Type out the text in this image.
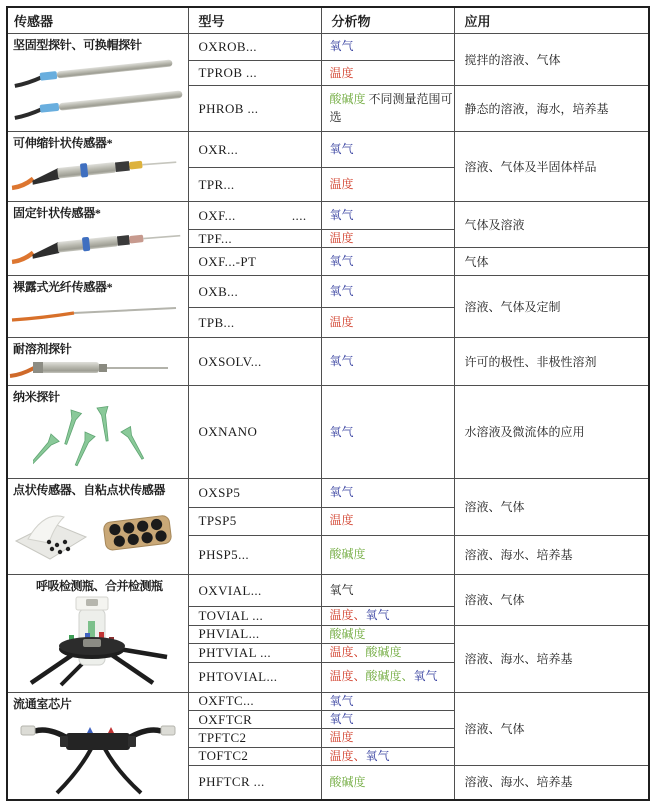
传感器	型号	分析物	应用

坚固型探针、可换帽探针	OXROB...	氧气	搅拌的溶液、气体
	TPROB ...	温度	
	PHROB ...	酸碱度 不同测量范围可选	静态的溶液，海水，培养基

可伸缩针状传感器*	OXR...	氧气	溶液、气体及半固体样品
	TPR...	温度	

固定针状传感器*	OXF... ....	氧气	气体及溶液
	TPF...	温度	
	OXF...-PT	氧气	气体

裸露式光纤传感器*	OXB...	氧气	溶液、气体及定制
	TPB...	温度	

耐溶剂探针	OXSOLV...	氧气	许可的极性、非极性溶剂

纳米探针	OXNANO	氧气	水溶液及微流体的应用

点状传感器、自粘点状传感器	OXSP5	氧气	溶液、气体
	TPSP5	温度	
	PHSP5...	酸碱度	溶液、海水、培养基

呼吸检测瓶、合并检测瓶	OXVIAL...	氧气	溶液、气体
	TOVIAL ...	温度、氧气	
	PHVIAL...	酸碱度	溶液、海水、培养基
	PHTVIAL ...	温度、酸碱度	
	PHTOVIAL...	温度、酸碱度、氧气	

流通室芯片	OXFTC...	氧气	溶液、气体
	OXFTCR	氧气	
	TPFTC2	温度	
	TOFTC2	温度、氧气	
	PHFTCR ...	酸碱度	溶液、海水、培养基
